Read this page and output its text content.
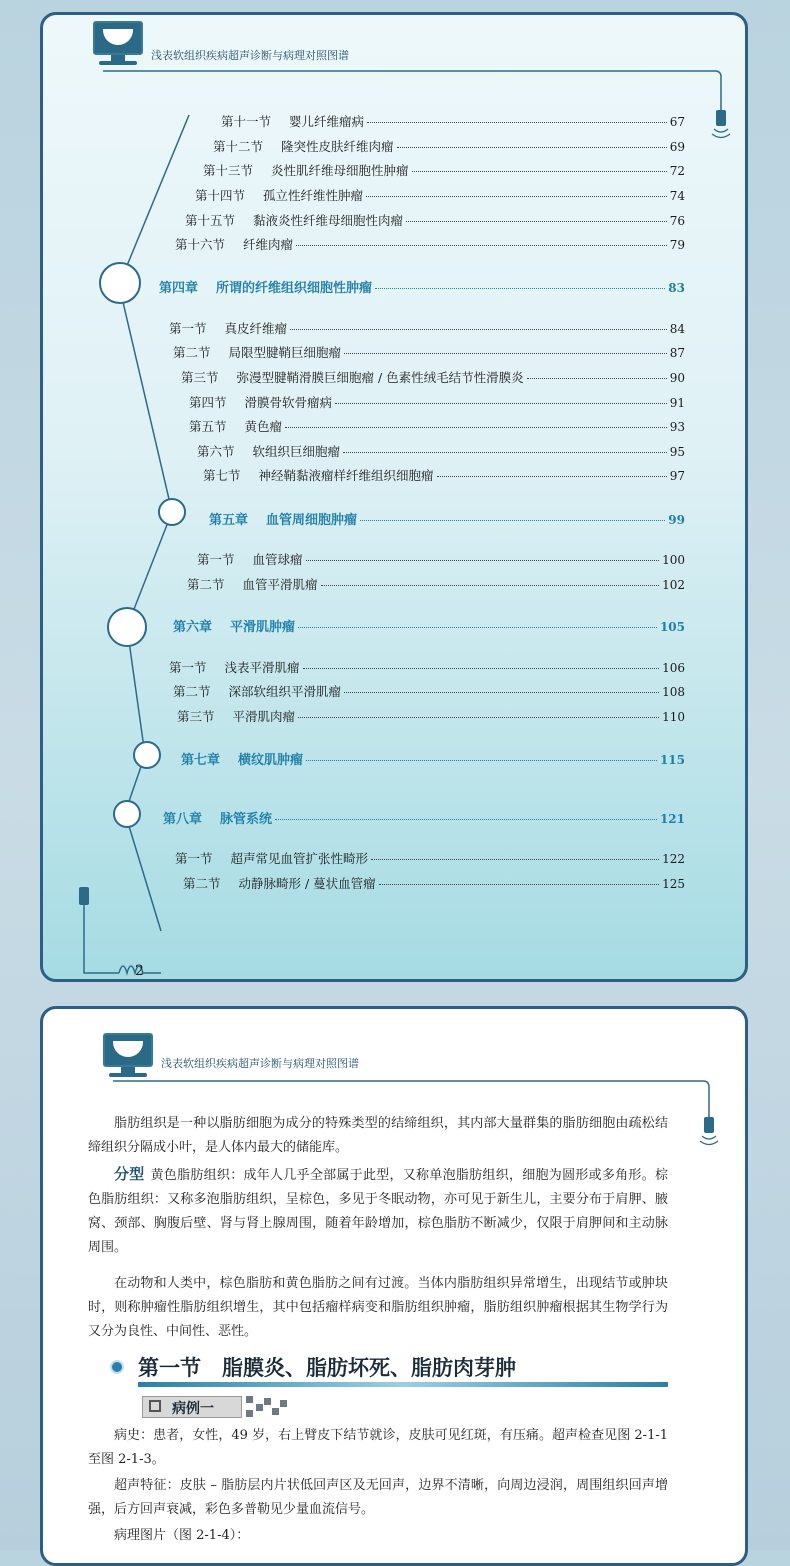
浅表软组织疾病超声诊断与病理对照图谱
2
第十一节 婴儿纤维瘤病	67
第十二节 隆突性皮肤纤维肉瘤	69
第十三节 炎性肌纤维母细胞性肿瘤	72
第十四节 孤立性纤维性肿瘤	74
第十五节 黏液炎性纤维母细胞性肉瘤	76
第十六节 纤维肉瘤	79
第四章 所谓的纤维组织细胞性肿瘤	83
第一节 真皮纤维瘤	84
第二节 局限型腱鞘巨细胞瘤	87
第三节 弥漫型腱鞘滑膜巨细胞瘤 / 色素性绒毛结节性滑膜炎	90
第四节 滑膜骨软骨瘤病	91
第五节 黄色瘤	93
第六节 软组织巨细胞瘤	95
第七节 神经鞘黏液瘤样纤维组织细胞瘤	97
第五章 血管周细胞肿瘤	99
第一节 血管球瘤	100
第二节 血管平滑肌瘤	102
第六章 平滑肌肿瘤	105
第一节 浅表平滑肌瘤	106
第二节 深部软组织平滑肌瘤	108
第三节 平滑肌肉瘤	110
第七章 横纹肌肿瘤	115
第八章 脉管系统	121
第一节 超声常见血管扩张性畸形	122
第二节 动静脉畸形 / 蔓状血管瘤	125
浅表软组织疾病超声诊断与病理对照图谱

脂肪组织是一种以脂肪细胞为成分的特殊类型的结缔组织，其内部大量群集的脂肪细胞由疏松结缔组织分隔成小叶，是人体内最大的储能库。

分型 黄色脂肪组织：成年人几乎全部属于此型，又称单泡脂肪组织，细胞为圆形或多角形。棕色脂肪组织：又称多泡脂肪组织，呈棕色，多见于冬眠动物，亦可见于新生儿，主要分布于肩胛、腋窝、颈部、胸腹后壁、肾与肾上腺周围，随着年龄增加，棕色脂肪不断减少，仅限于肩胛间和主动脉周围。

在动物和人类中，棕色脂肪和黄色脂肪之间有过渡。当体内脂肪组织异常增生，出现结节或肿块时，则称肿瘤性脂肪组织增生，其中包括瘤样病变和脂肪组织肿瘤，脂肪组织肿瘤根据其生物学行为又分为良性、中间性、恶性。

第一节　脂膜炎、脂肪坏死、脂肪肉芽肿
病例一

病史：患者，女性，49 岁，右上臂皮下结节就诊，皮肤可见红斑，有压痛。超声检查见图 2-1-1 至图 2-1-3。

超声特征：皮肤 – 脂肪层内片状低回声区及无回声，边界不清晰，向周边浸润，周围组织回声增强，后方回声衰减，彩色多普勒见少量血流信号。

病理图片（图 2-1-4）：
